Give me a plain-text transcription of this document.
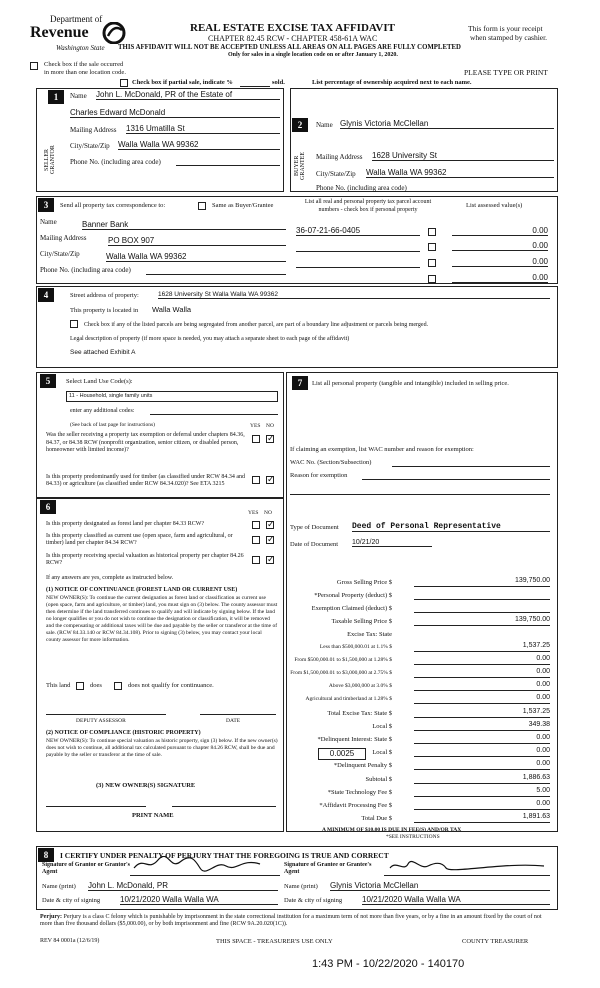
Department of
Revenue
Washington State
REAL ESTATE EXCISE TAX AFFIDAVIT
CHAPTER 82.45 RCW - CHAPTER 458-61A WAC
THIS AFFIDAVIT WILL NOT BE ACCEPTED UNLESS ALL AREAS ON ALL PAGES ARE FULLY COMPLETED
Only for sales in a single location code on or after January 1, 2020.
This form is your receipt
when stamped by cashier.
Check box if the sale occurred
in more than one location code.	PLEASE TYPE OR PRINT
Check box if partial sale, indicate %	sold.	List percentage of ownership acquired next to each name.
1
SELLER GRANTOR
Name John L. McDonald, PR of the Estate of
Charles Edward McDonald
Mailing Address 1316 Umatilla St
City/State/Zip Walla Walla WA 99362
Phone No. (including area code)
2
BUYER GRANTEE
Name Glynis Victoria McClellan
Mailing Address 1628 University St
City/State/Zip Walla Walla WA 99362
Phone No. (including area code)
3	Send all property tax correspondence to:	Same as Buyer/Grantee	List all real and personal property tax parcel account numbers - check box if personal property
List assessed value(s)
Name	Banner Bank
Mailing Address	PO BOX 907
City/State/Zip	Walla Walla WA 99362
Phone No. (including area code)
36-07-21-66-0405	0.00
0.00
0.00
0.00
4	Street address of property:	1628 University St Walla Walla WA 99362
This property is located in Walla Walla
Check box if any of the listed parcels are being segregated from another parcel, are part of a boundary line adjustment or parcels being merged.
Legal description of property (if more space is needed, you may attach a separate sheet to each page of the affidavit)
See attached Exhibit A
5	Select Land Use Code(s):
11 - Household, single family units
enter any additional codes:
(See back of last page for instructions)	YES NO
Was the seller receiving a property tax exemption or deferral under chapters 84.36, 84.37, or 84.38 RCW (nonprofit organization, senior citizen, or disabled person, homeowner with limited income)?
✓
Is this property predominantly used for timber (as classified under RCW 84.34 and 84.33) or agriculture (as classified under RCW 84.34.020)? See ETA 3215
✓
6
YES NO
Is this property designated as forest land per chapter 84.33 RCW?
✓
Is this property classified as current use (open space, farm and agricultural, or timber) land per chapter 84.34 RCW?
✓
Is this property receiving special valuation as historical property per chapter 84.26 RCW?
✓
If any answers are yes, complete as instructed below.
(1) NOTICE OF CONTINUANCE (FOREST LAND OR CURRENT USE)
NEW OWNER(S): To continue the current designation as forest land or classification as current use (open space, farm and agriculture, or timber) land, you must sign on (3) below. The county assessor must then determine if the land transferred continues to qualify and will indicate by signing below. If the land no longer qualifies or you do not wish to continue the designation or classification, it will be removed and the compensating or additional taxes will be due and payable by the seller or transferor at the time of sale. (RCW 84.33.140 or RCW 84.34.108). Prior to signing (3) below, you may contact your local county assessor for more information.
This land	does	does not qualify for continuance.
DEPUTY ASSESSOR	DATE
(2) NOTICE OF COMPLIANCE (HISTORIC PROPERTY)
NEW OWNER(S): To continue special valuation as historic property, sign (3) below. If the new owner(s) does not wish to continue, all additional tax calculated pursuant to chapter 84.26 RCW, shall be due and payable by the seller or transferor at the time of sale.
(3) NEW OWNER(S) SIGNATURE
PRINT NAME
7	List all personal property (tangible and intangible) included in selling price.
If claiming an exemption, list WAC number and reason for exemption:
WAC No. (Section/Subsection)
Reason for exemption
Type of Document Deed of Personal Representative
Date of Document 10/21/20
Gross Selling Price $	139,750.00
*Personal Property (deduct) $
Exemption Claimed (deduct) $
Taxable Selling Price $	139,750.00
Excise Tax: State
Less than $500,000.01 at 1.1% $	1,537.25
From $500,000.01 to $1,500,000 at 1.28% $	0.00
From $1,500,000.01 to $3,000,000 at 2.75% $	0.00
Above $3,000,000 at 3.0% $	0.00
Agricultural and timberland at 1.28% $	0.00
Total Excise Tax: State $	1,537.25
Local $	349.38
*Delinquent Interest: State $	0.00
Local $	0.00
*Delinquent Penalty $	0.00
Subtotal $	1,886.63
*State Technology Fee $	5.00
*Affidavit Processing Fee $	0.00
Total Due $	1,891.63
0.0025
A MINIMUM OF $10.00 IS DUE IN FEE(S) AND/OR TAX
*SEE INSTRUCTIONS
8	I CERTIFY UNDER PENALTY OF PERJURY THAT THE FOREGOING IS TRUE AND CORRECT
Signature of Grantor or Grantor's Agent
Signature of Grantee or Grantee's Agent
Name (print) John L. McDonald, PR	Name (print) Glynis Victoria McClellan
Date & city of signing 10/21/2020 Walla Walla WA	Date & city of signing 10/21/2020 Walla Walla WA
Perjury: Perjury is a class C felony which is punishable by imprisonment in the state correctional institution for a maximum term of not more than five years, or by a fine in an amount fixed by the court of not more than five thousand dollars ($5,000.00), or by both imprisonment and fine (RCW 9A.20.020(1C)).
REV 84 0001a (12/6/19)	THIS SPACE - TREASURER'S USE ONLY	COUNTY TREASURER
1:43 PM - 10/22/2020 - 140170
